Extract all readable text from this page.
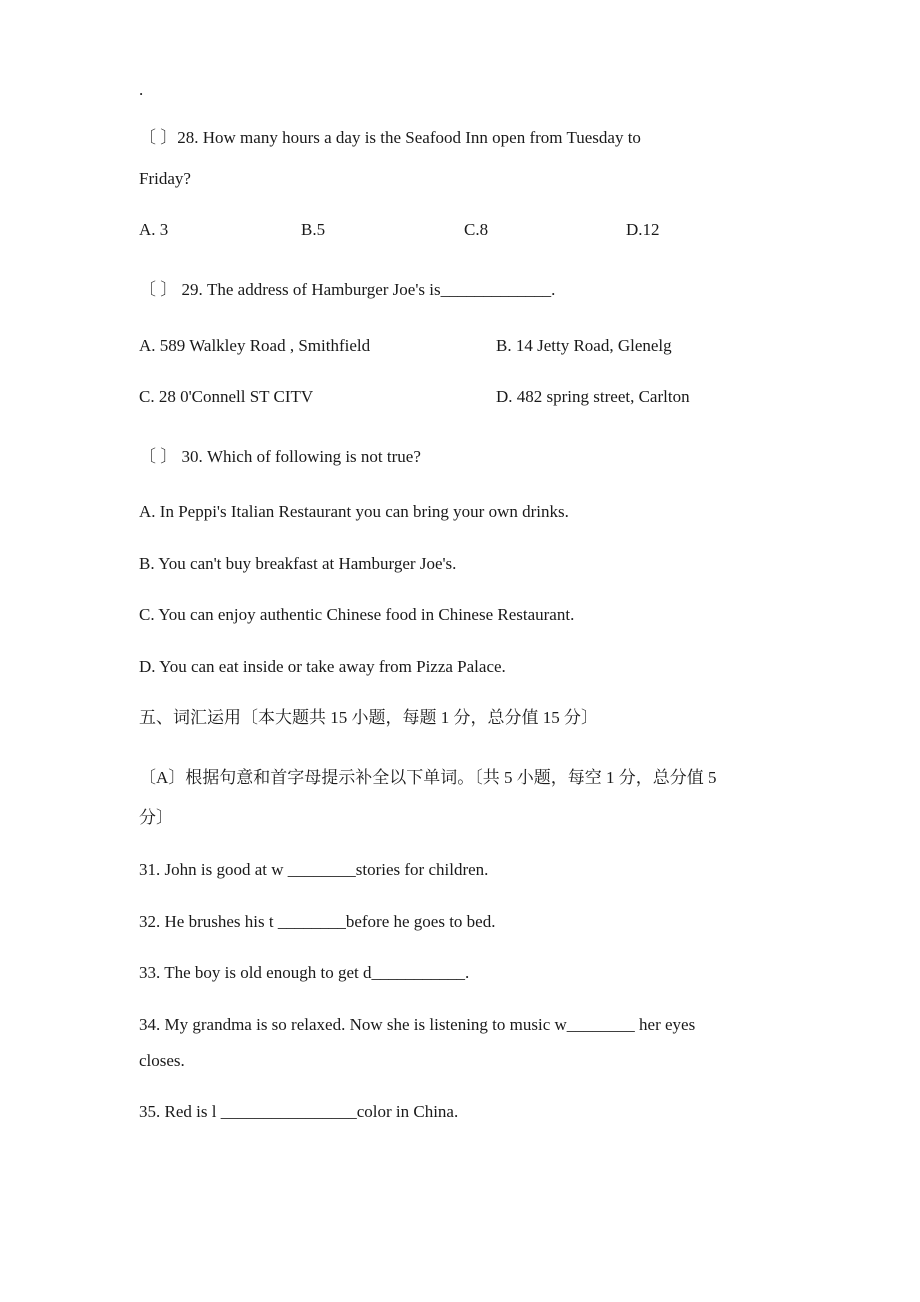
.
〔 〕28. How many hours a day is the Seafood Inn open from Tuesday to
Friday?
A. 3	B.5	C.8	D.12
〔 〕 29. The address of Hamburger Joe's is_____________.
A. 589 Walkley Road , Smithfield	B. 14 Jetty Road, Glenelg
C. 28 0'Connell ST CITV	D. 482 spring street, Carlton
〔 〕 30. Which of following is not true?
A. In Peppi's Italian Restaurant you can bring your own drinks.
B. You can't buy breakfast at Hamburger Joe's.
C. You can enjoy authentic Chinese food in Chinese Restaurant.
D. You can eat inside or take away from Pizza Palace.
五、词汇运用〔本大题共 15 小题，每题 1 分，总分值 15 分〕
〔A〕根据句意和首字母提示补全以下单词。〔共 5 小题，每空 1 分，总分值 5
分〕
31. John is good at w ________stories for children.
32. He brushes his t ________before he goes to bed.
33. The boy is old enough to get d___________.
34. My grandma is so relaxed. Now she is listening to music w________ her eyes
closes.
35. Red is l ________________color in China.
